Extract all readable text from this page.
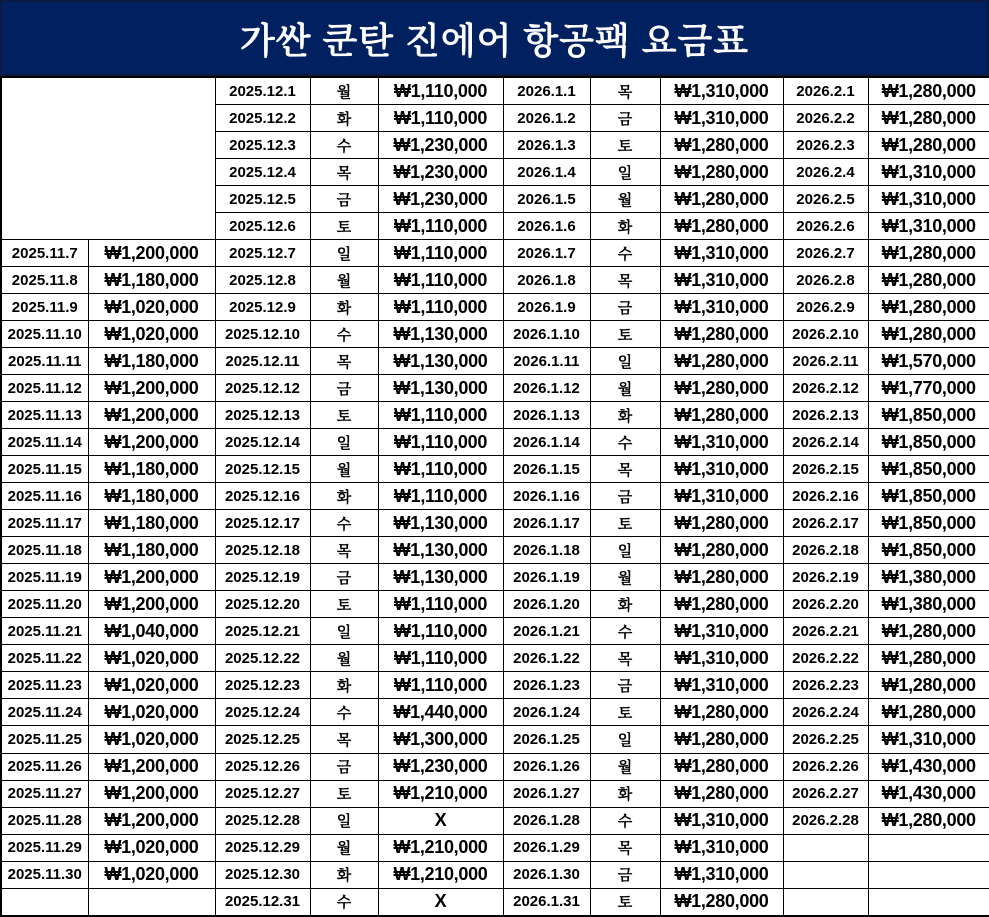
가싼 쿤탄 진에어 항공팩 요금표
		2025.12.1	월	₩1,110,000	2026.1.1	목	₩1,310,000	2026.2.1	₩1,280,000
		2025.12.2	화	₩1,110,000	2026.1.2	금	₩1,310,000	2026.2.2	₩1,280,000
		2025.12.3	수	₩1,230,000	2026.1.3	토	₩1,280,000	2026.2.3	₩1,280,000
		2025.12.4	목	₩1,230,000	2026.1.4	일	₩1,280,000	2026.2.4	₩1,310,000
		2025.12.5	금	₩1,230,000	2026.1.5	월	₩1,280,000	2026.2.5	₩1,310,000
		2025.12.6	토	₩1,110,000	2026.1.6	화	₩1,280,000	2026.2.6	₩1,310,000
2025.11.7	₩1,200,000	2025.12.7	일	₩1,110,000	2026.1.7	수	₩1,310,000	2026.2.7	₩1,280,000
2025.11.8	₩1,180,000	2025.12.8	월	₩1,110,000	2026.1.8	목	₩1,310,000	2026.2.8	₩1,280,000
2025.11.9	₩1,020,000	2025.12.9	화	₩1,110,000	2026.1.9	금	₩1,310,000	2026.2.9	₩1,280,000
2025.11.10	₩1,020,000	2025.12.10	수	₩1,130,000	2026.1.10	토	₩1,280,000	2026.2.10	₩1,280,000
2025.11.11	₩1,180,000	2025.12.11	목	₩1,130,000	2026.1.11	일	₩1,280,000	2026.2.11	₩1,570,000
2025.11.12	₩1,200,000	2025.12.12	금	₩1,130,000	2026.1.12	월	₩1,280,000	2026.2.12	₩1,770,000
2025.11.13	₩1,200,000	2025.12.13	토	₩1,110,000	2026.1.13	화	₩1,280,000	2026.2.13	₩1,850,000
2025.11.14	₩1,200,000	2025.12.14	일	₩1,110,000	2026.1.14	수	₩1,310,000	2026.2.14	₩1,850,000
2025.11.15	₩1,180,000	2025.12.15	월	₩1,110,000	2026.1.15	목	₩1,310,000	2026.2.15	₩1,850,000
2025.11.16	₩1,180,000	2025.12.16	화	₩1,110,000	2026.1.16	금	₩1,310,000	2026.2.16	₩1,850,000
2025.11.17	₩1,180,000	2025.12.17	수	₩1,130,000	2026.1.17	토	₩1,280,000	2026.2.17	₩1,850,000
2025.11.18	₩1,180,000	2025.12.18	목	₩1,130,000	2026.1.18	일	₩1,280,000	2026.2.18	₩1,850,000
2025.11.19	₩1,200,000	2025.12.19	금	₩1,130,000	2026.1.19	월	₩1,280,000	2026.2.19	₩1,380,000
2025.11.20	₩1,200,000	2025.12.20	토	₩1,110,000	2026.1.20	화	₩1,280,000	2026.2.20	₩1,380,000
2025.11.21	₩1,040,000	2025.12.21	일	₩1,110,000	2026.1.21	수	₩1,310,000	2026.2.21	₩1,280,000
2025.11.22	₩1,020,000	2025.12.22	월	₩1,110,000	2026.1.22	목	₩1,310,000	2026.2.22	₩1,280,000
2025.11.23	₩1,020,000	2025.12.23	화	₩1,110,000	2026.1.23	금	₩1,310,000	2026.2.23	₩1,280,000
2025.11.24	₩1,020,000	2025.12.24	수	₩1,440,000	2026.1.24	토	₩1,280,000	2026.2.24	₩1,280,000
2025.11.25	₩1,020,000	2025.12.25	목	₩1,300,000	2026.1.25	일	₩1,280,000	2026.2.25	₩1,310,000
2025.11.26	₩1,200,000	2025.12.26	금	₩1,230,000	2026.1.26	월	₩1,280,000	2026.2.26	₩1,430,000
2025.11.27	₩1,200,000	2025.12.27	토	₩1,210,000	2026.1.27	화	₩1,280,000	2026.2.27	₩1,430,000
2025.11.28	₩1,200,000	2025.12.28	일	X	2026.1.28	수	₩1,310,000	2026.2.28	₩1,280,000
2025.11.29	₩1,020,000	2025.12.29	월	₩1,210,000	2026.1.29	목	₩1,310,000		
2025.11.30	₩1,020,000	2025.12.30	화	₩1,210,000	2026.1.30	금	₩1,310,000		
		2025.12.31	수	X	2026.1.31	토	₩1,280,000		
